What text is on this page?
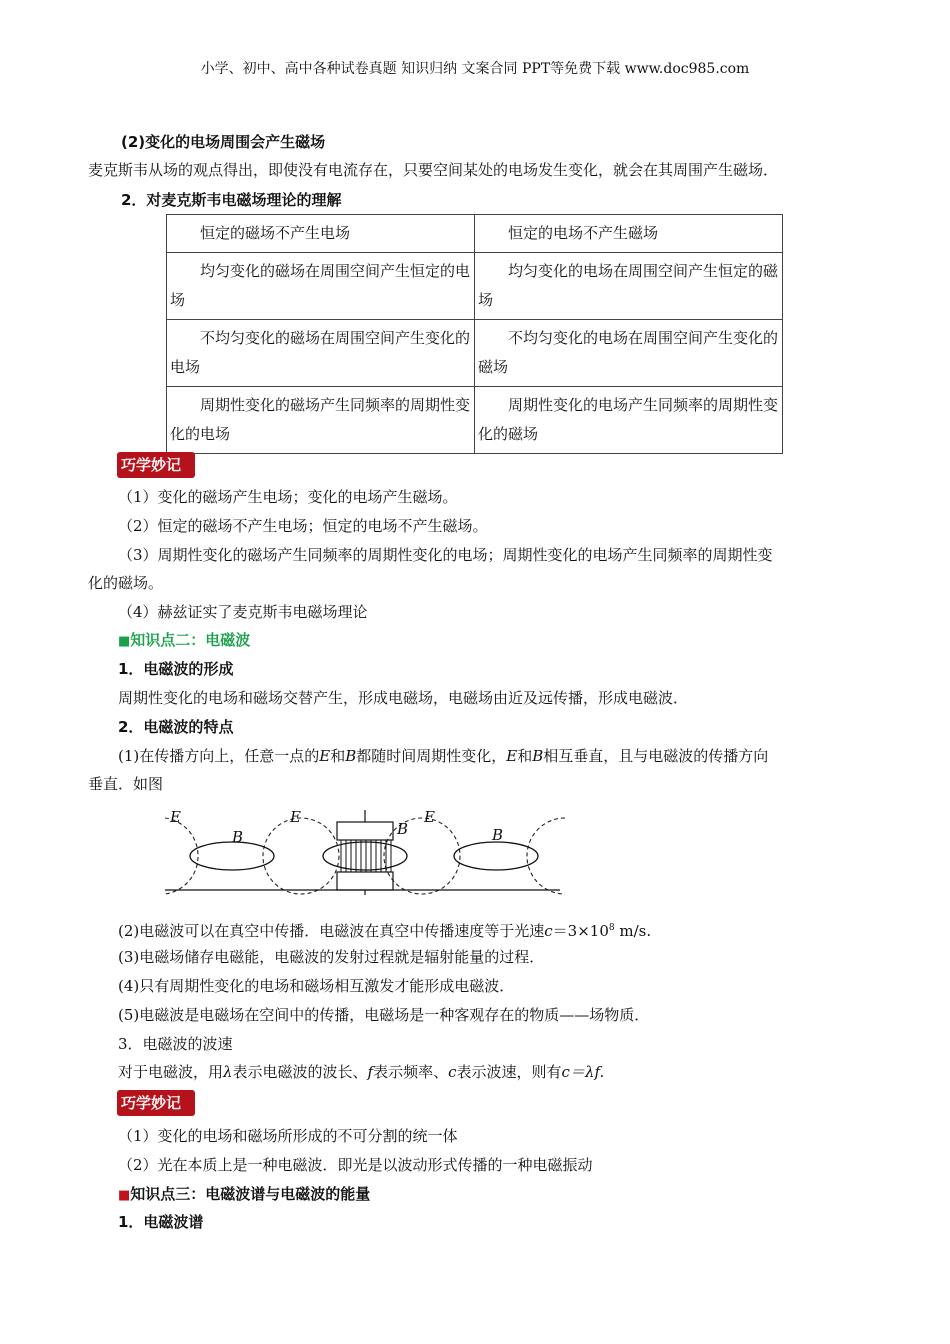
小学、初中、高中各种试卷真题 知识归纳 文案合同 PPT等免费下载 www.doc985.com
(2)变化的电场周围会产生磁场
麦克斯韦从场的观点得出，即使没有电流存在，只要空间某处的电场发生变化，就会在其周围产生磁场．
2．对麦克斯韦电磁场理论的理解
　　恒定的磁场不产生电场	　　恒定的电场不产生磁场
　　均匀变化的磁场在周围空间产生恒定的电场	　　均匀变化的电场在周围空间产生恒定的磁场
　　不均匀变化的磁场在周围空间产生变化的电场	　　不均匀变化的电场在周围空间产生变化的磁场
　　周期性变化的磁场产生同频率的周期性变化的电场	　　周期性变化的电场产生同频率的周期性变化的磁场
巧学妙记
（1）变化的磁场产生电场；变化的电场产生磁场。
（2）恒定的磁场不产生电场；恒定的电场不产生磁场。
（3）周期性变化的磁场产生同频率的周期性变化的电场；周期性变化的电场产生同频率的周期性变
化的磁场。
（4）赫兹证实了麦克斯韦电磁场理论
■知识点二：电磁波
1．电磁波的形成
周期性变化的电场和磁场交替产生，形成电磁场，电磁场由近及远传播，形成电磁波．
2．电磁波的特点
(1)在传播方向上，任意一点的E和B都随时间周期性变化，E和B相互垂直，且与电磁波的传播方向
垂直．如图
E
B
E
B
E
B
(2)电磁波可以在真空中传播．电磁波在真空中传播速度等于光速$c=3\times 10^8$ m/s.
(3)电磁场储存电磁能，电磁波的发射过程就是辐射能量的过程．
(4)只有周期性变化的电场和磁场相互激发才能形成电磁波．
(5)电磁波是电磁场在空间中的传播，电磁场是一种客观存在的物质——场物质．
3．电磁波的波速
对于电磁波，用λ表示电磁波的波长、f表示频率、c表示波速，则有c＝λf.
巧学妙记
（1）变化的电场和磁场所形成的不可分割的统一体
（2）光在本质上是一种电磁波．即光是以波动形式传播的一种电磁振动
■知识点三：电磁波谱与电磁波的能量
1．电磁波谱
